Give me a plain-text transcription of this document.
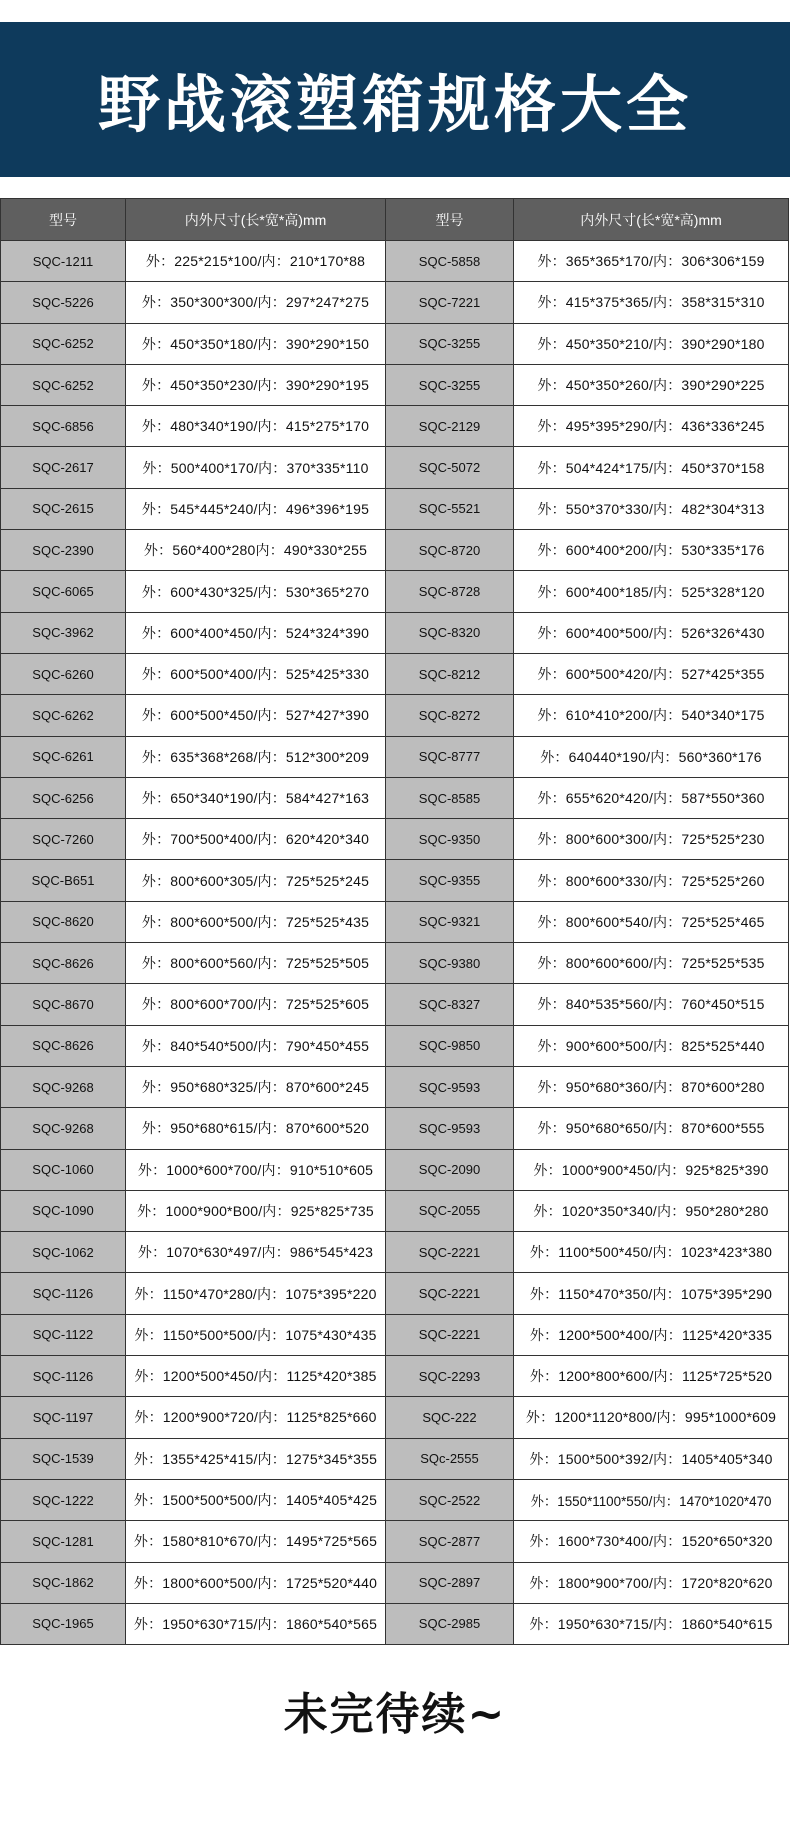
野战滚塑箱规格大全
型号	内外尺寸(长*宽*高)mm	型号	内外尺寸(长*宽*高)mm
SQC-1211	外：225*215*100/内：210*170*88	SQC-5858	外：365*365*170/内：306*306*159
SQC-5226	外：350*300*300/内：297*247*275	SQC-7221	外：415*375*365/内：358*315*310
SQC-6252	外：450*350*180/内：390*290*150	SQC-3255	外：450*350*210/内：390*290*180
SQC-6252	外：450*350*230/内：390*290*195	SQC-3255	外：450*350*260/内：390*290*225
SQC-6856	外：480*340*190/内：415*275*170	SQC-2129	外：495*395*290/内：436*336*245
SQC-2617	外：500*400*170/内：370*335*110	SQC-5072	外：504*424*175/内：450*370*158
SQC-2615	外：545*445*240/内：496*396*195	SQC-5521	外：550*370*330/内：482*304*313
SQC-2390	外：560*400*280内：490*330*255	SQC-8720	外：600*400*200/内：530*335*176
SQC-6065	外：600*430*325/内：530*365*270	SQC-8728	外：600*400*185/内：525*328*120
SQC-3962	外：600*400*450/内：524*324*390	SQC-8320	外：600*400*500/内：526*326*430
SQC-6260	外：600*500*400/内：525*425*330	SQC-8212	外：600*500*420/内：527*425*355
SQC-6262	外：600*500*450/内：527*427*390	SQC-8272	外：610*410*200/内：540*340*175
SQC-6261	外：635*368*268/内：512*300*209	SQC-8777	外：640440*190/内：560*360*176
SQC-6256	外：650*340*190/内：584*427*163	SQC-8585	外：655*620*420/内：587*550*360
SQC-7260	外：700*500*400/内：620*420*340	SQC-9350	外：800*600*300/内：725*525*230
SQC-B651	外：800*600*305/内：725*525*245	SQC-9355	外：800*600*330/内：725*525*260
SQC-8620	外：800*600*500/内：725*525*435	SQC-9321	外：800*600*540/内：725*525*465
SQC-8626	外：800*600*560/内：725*525*505	SQC-9380	外：800*600*600/内：725*525*535
SQC-8670	外：800*600*700/内：725*525*605	SQC-8327	外：840*535*560/内：760*450*515
SQC-8626	外：840*540*500/内：790*450*455	SQC-9850	外：900*600*500/内：825*525*440
SQC-9268	外：950*680*325/内：870*600*245	SQC-9593	外：950*680*360/内：870*600*280
SQC-9268	外：950*680*615/内：870*600*520	SQC-9593	外：950*680*650/内：870*600*555
SQC-1060	外：1000*600*700/内：910*510*605	SQC-2090	外：1000*900*450/内：925*825*390
SQC-1090	外：1000*900*B00/内：925*825*735	SQC-2055	外：1020*350*340/内：950*280*280
SQC-1062	外：1070*630*497/内：986*545*423	SQC-2221	外：1100*500*450/内：1023*423*380
SQC-1126	外：1150*470*280/内：1075*395*220	SQC-2221	外：1150*470*350/内：1075*395*290
SQC-1122	外：1150*500*500/内：1075*430*435	SQC-2221	外：1200*500*400/内：1125*420*335
SQC-1126	外：1200*500*450/内：1125*420*385	SQC-2293	外：1200*800*600/内：1125*725*520
SQC-1197	外：1200*900*720/内：1125*825*660	SQC-222	外：1200*1120*800/内：995*1000*609
SQC-1539	外：1355*425*415/内：1275*345*355	SQc-2555	外：1500*500*392/内：1405*405*340
SQC-1222	外：1500*500*500/内：1405*405*425	SQC-2522	外：1550*1100*550/内：1470*1020*470
SQC-1281	外：1580*810*670/内：1495*725*565	SQC-2877	外：1600*730*400/内：1520*650*320
SQC-1862	外：1800*600*500/内：1725*520*440	SQC-2897	外：1800*900*700/内：1720*820*620
SQC-1965	外：1950*630*715/内：1860*540*565	SQC-2985	外：1950*630*715/内：1860*540*615
未完待续~
